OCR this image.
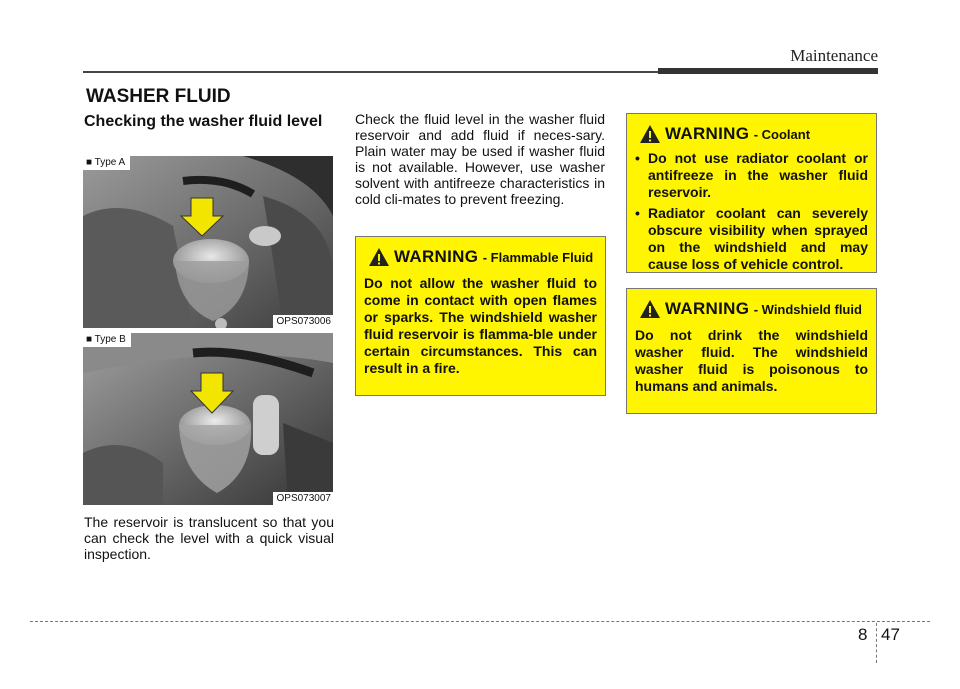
Maintenance
WASHER FLUID
Checking the washer fluid level
■ Type A
OPS073006
■ Type B
OPS073007
The reservoir is translucent so that you can check the level with a quick visual inspection.
Check the fluid level in the washer fluid reservoir and add fluid if neces-sary. Plain water may be used if washer fluid is not available. However, use washer solvent with antifreeze characteristics in cold cli-mates to prevent freezing.
WARNING - Flammable Fluid
Do not allow the washer fluid to come in contact with open flames or sparks. The windshield washer fluid reservoir is flamma-ble under certain circumstances. This can result in a fire.
WARNING - Coolant
• Do not use radiator coolant or antifreeze in the washer fluid reservoir.
• Radiator coolant can severely obscure visibility when sprayed on the windshield and may cause loss of vehicle control.
WARNING - Windshield fluid
Do not drink the windshield washer fluid. The windshield washer fluid is poisonous to humans and animals.
8 47
